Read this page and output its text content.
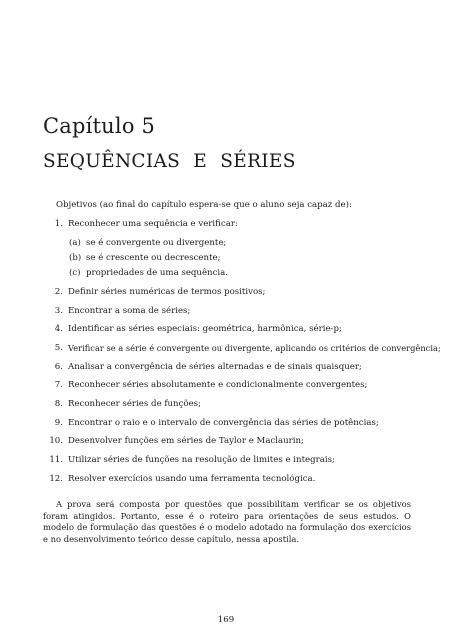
Capítulo 5
SEQUÊNCIAS E SÉRIES
Objetivos (ao final do capítulo espera-se que o aluno seja capaz de):
1. Reconhecer uma sequência e verificar:
(a) se é convergente ou divergente;
(b) se é crescente ou decrescente;
(c) propriedades de uma sequência.
2. Definir séries numéricas de termos positivos;
3. Encontrar a soma de séries;
4. Identificar as séries especiais: geométrica, harmônica, série-p;
5. Verificar se a série é convergente ou divergente, aplicando os critérios de convergência;
6. Analisar a convergência de séries alternadas e de sinais quaisquer;
7. Reconhecer séries absolutamente e condicionalmente convergentes;
8. Reconhecer séries de funções;
9. Encontrar o raio e o intervalo de convergência das séries de potências;
10. Desenvolver funções em séries de Taylor e Maclaurin;
11. Utilizar séries de funções na resolução de limites e integrais;
12. Resolver exercícios usando uma ferramenta tecnológica.

A prova será composta por questões que possibilitam verificar se os objetivos foram atingidos. Portanto, esse é o roteiro para orientações de seus estudos. O modelo de formulação das questões é o modelo adotado na formulação dos exercícios e no desenvolvimento teórico desse capítulo, nessa apostila.

169
